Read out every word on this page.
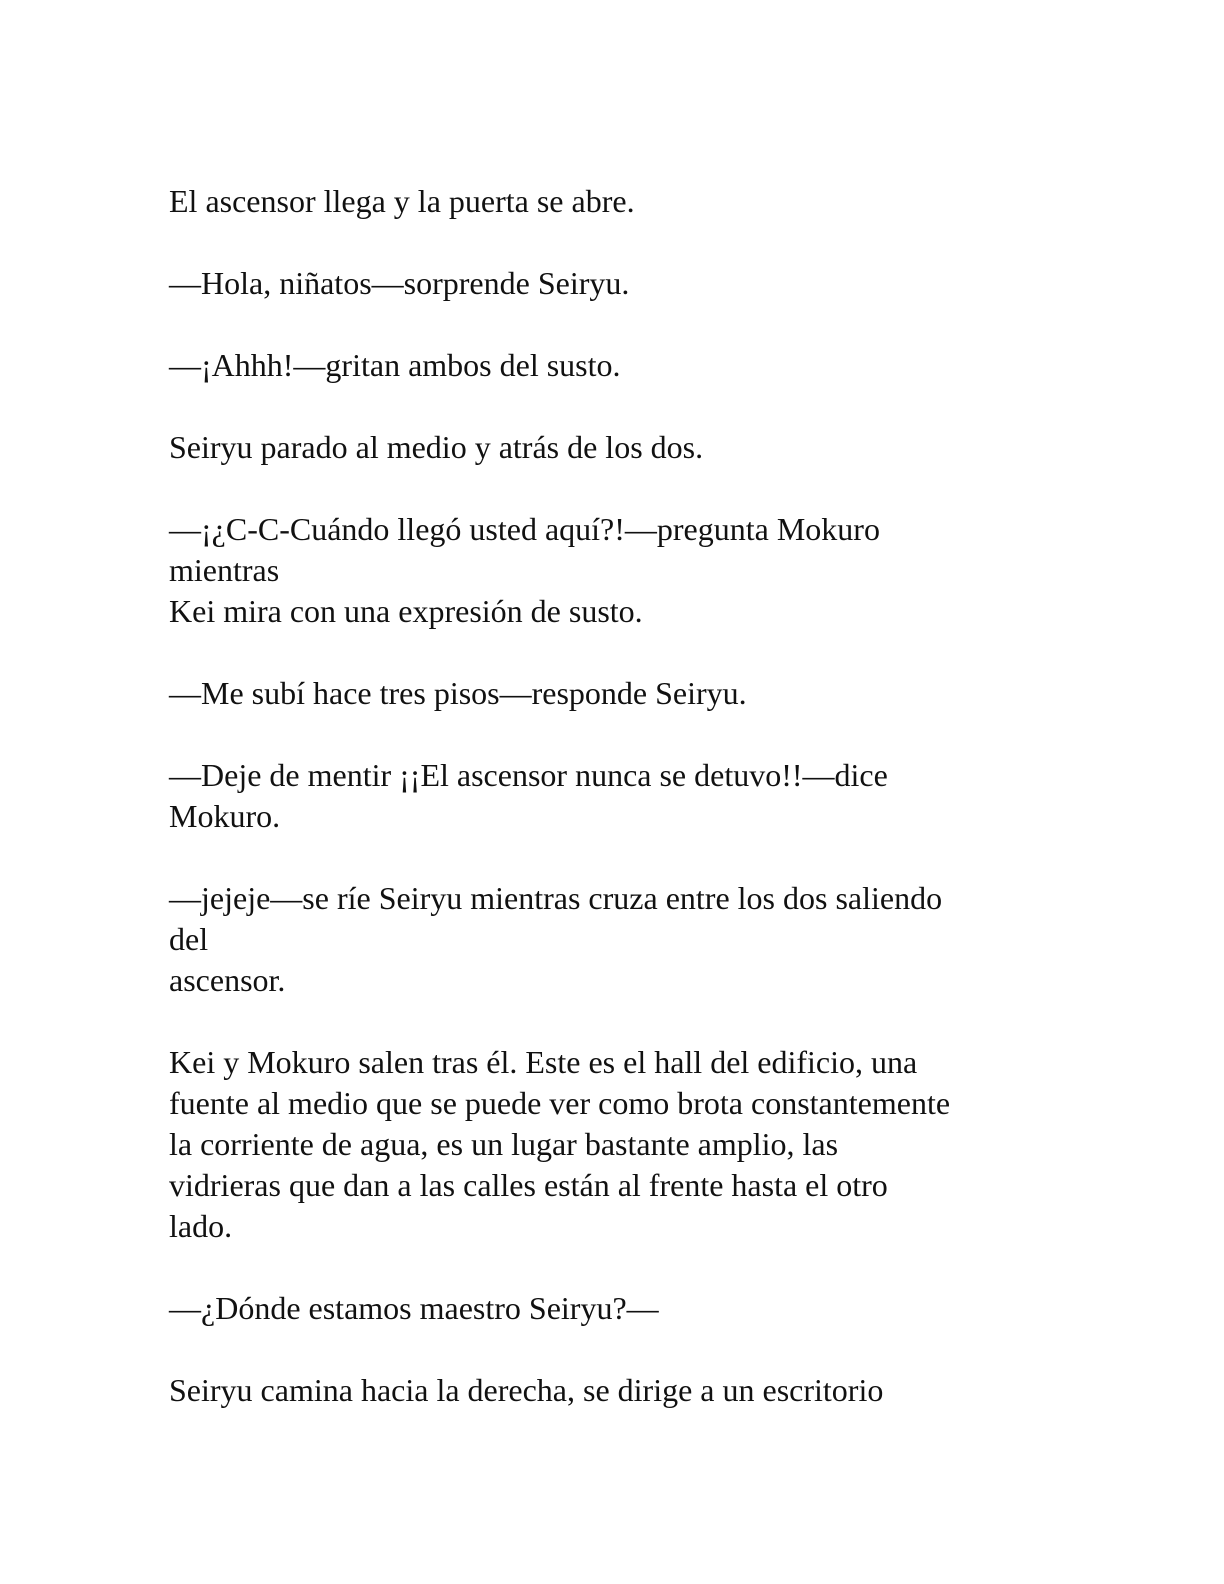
El ascensor llega y la puerta se abre.

—Hola, niñatos—sorprende Seiryu.

—¡Ahhh!—gritan ambos del susto.

Seiryu parado al medio y atrás de los dos.

—¡¿C-C-Cuándo llegó usted aquí?!—pregunta Mokuro
mientras
Kei mira con una expresión de susto.

—Me subí hace tres pisos—responde Seiryu.

—Deje de mentir ¡¡El ascensor nunca se detuvo!!—dice
Mokuro.

—jejeje—se ríe Seiryu mientras cruza entre los dos saliendo
del
ascensor.

Kei y Mokuro salen tras él. Este es el hall del edificio, una
fuente al medio que se puede ver como brota constantemente
la corriente de agua, es un lugar bastante amplio, las
vidrieras que dan a las calles están al frente hasta el otro
lado.

—¿Dónde estamos maestro Seiryu?—

Seiryu camina hacia la derecha, se dirige a un escritorio
